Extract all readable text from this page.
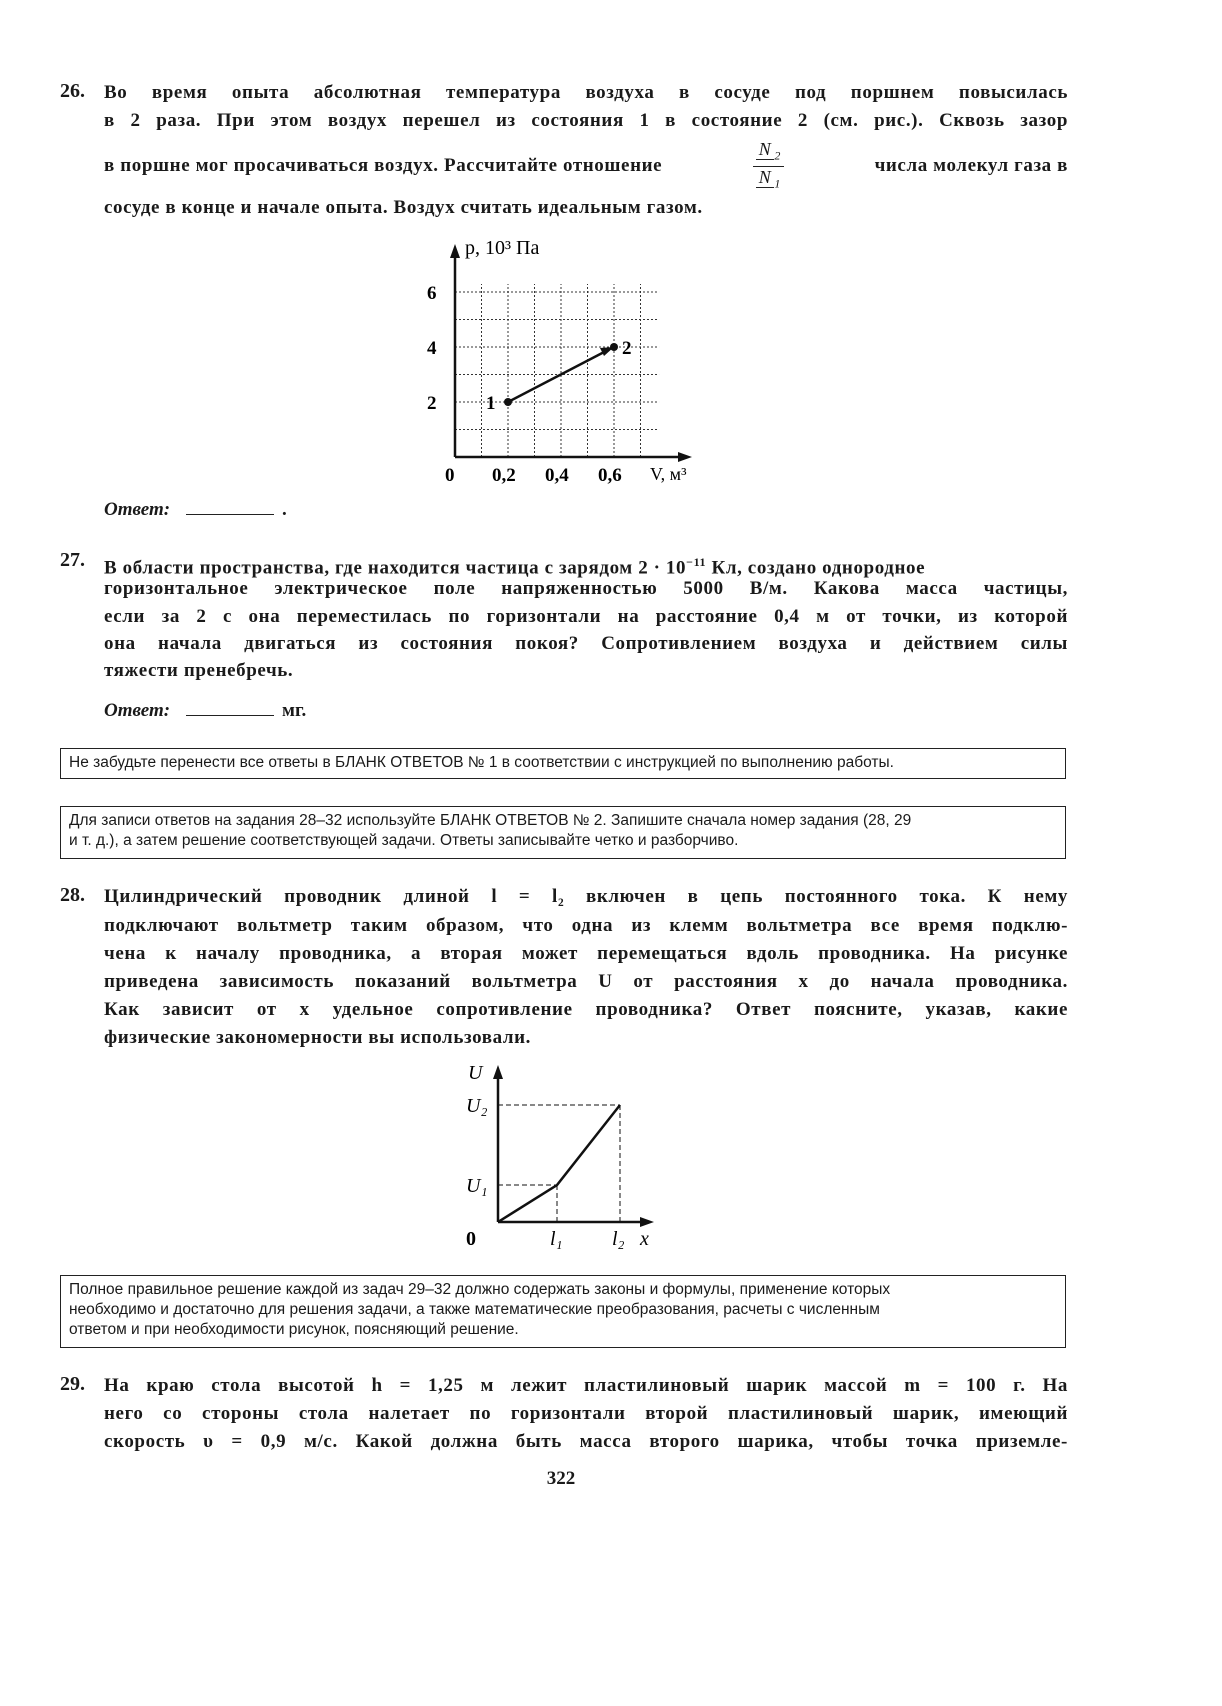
26. Во время опыта абсолютная температура воздуха в сосуде под поршнем повысилась
в 2 раза. При этом воздух перешел из состояния 1 в состояние 2 (см. рис.). Сквозь зазор
в поршне мог просачиваться воздух. Рассчитайте отношение	$\frac{N _2}{N _1}$	числа молекул газа в
сосуде в конце и начале опыта. Воздух считать идеальным газом.
p, 10³ Па
V, м³
0 0,2 0,4 0,6
2
4
6
1
2
Ответ:	.
27. В области пространства, где находится частица с зарядом $2 \cdot 10^{-11}$ Кл, создано однородное
горизонтальное электрическое поле напряженностью 5000 В/м. Какова масса частицы,
если за 2 с она переместилась по горизонтали на расстояние 0,4 м от точки, из которой
она начала двигаться из состояния покоя? Сопротивлением воздуха и действием силы
тяжести пренебречь.
Ответ:	мг.
Не забудьте перенести все ответы в БЛАНК ОТВЕТОВ № 1 в соответствии с инструкцией по выполнению работы.
Для записи ответов на задания 28–32 используйте БЛАНК ОТВЕТОВ № 2. Запишите сначала номер задания (28, 29
и т. д.), а затем решение соответствующей задачи. Ответы записывайте четко и разборчиво.
28. Цилиндрический проводник длиной l = l₂ включен в цепь постоянного тока. К нему
подключают вольтметр таким образом, что одна из клемм вольтметра все время подклю-
чена к началу проводника, а вторая может перемещаться вдоль проводника. На рисунке
приведена зависимость показаний вольтметра U от расстояния x до начала проводника.
Как зависит от x удельное сопротивление проводника? Ответ поясните, указав, какие
физические закономерности вы использовали.
U
U₂
U₁
0	l₁ l₂ x
Полное правильное решение каждой из задач 29–32 должно содержать законы и формулы, применение которых
необходимо и достаточно для решения задачи, а также математические преобразования, расчеты с численным
ответом и при необходимости рисунок, поясняющий решение.
29. На краю стола высотой h = 1,25 м лежит пластилиновый шарик массой m = 100 г. На
него со стороны стола налетает по горизонтали второй пластилиновый шарик, имеющий
скорость υ = 0,9 м/с. Какой должна быть масса второго шарика, чтобы точка приземле-
322
